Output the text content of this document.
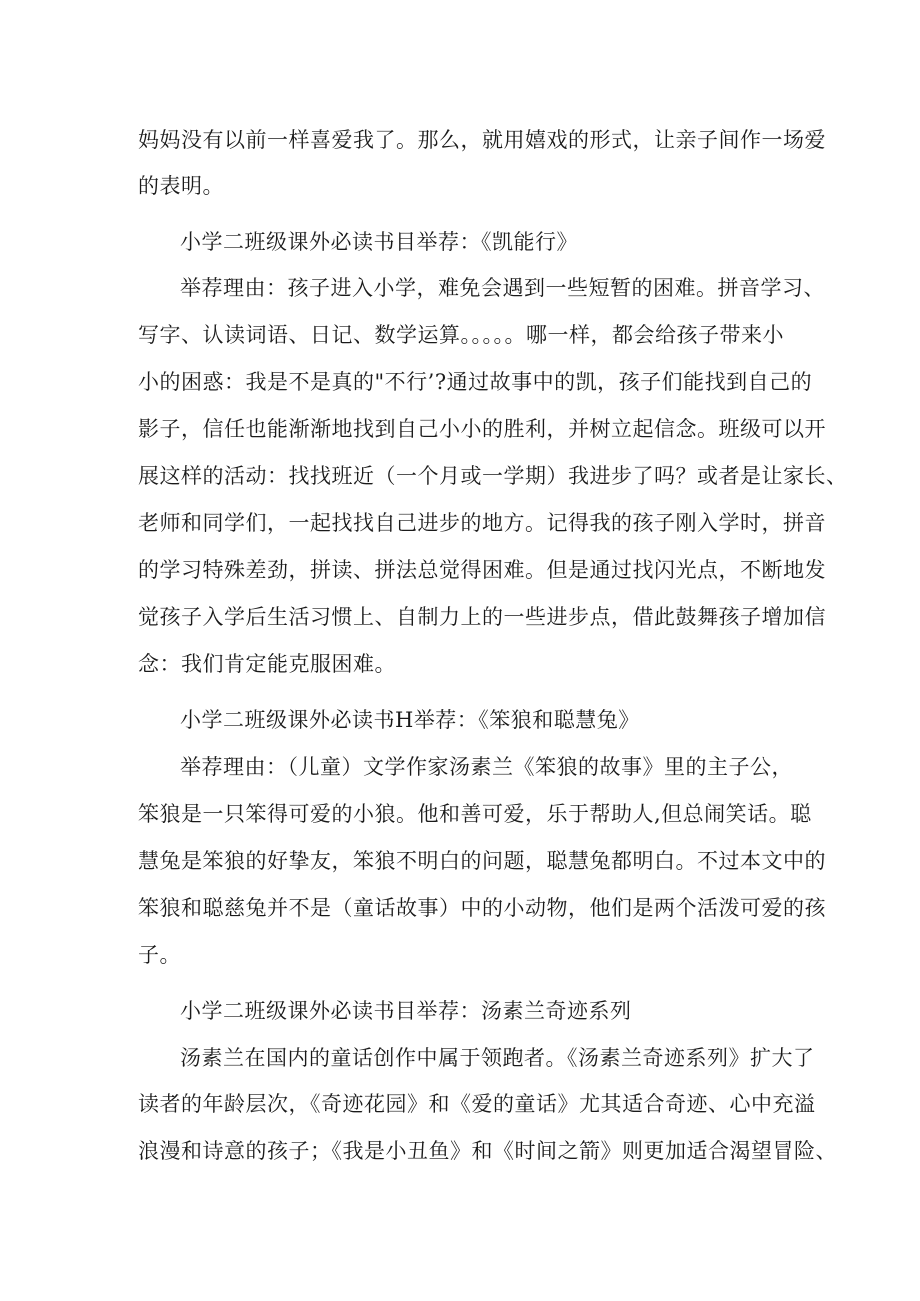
妈妈没有以前一样喜爱我了。那么，就用嬉戏的形式，让亲子间作一场爱
的表明。
小学二班级课外必读书目举荐：《凯能行》
举荐理由：孩子进入小学，难免会遇到一些短暂的困难。拼音学习、
写字、认读词语、日记、数学运算。。。。。哪一样，都会给孩子带来小
小的困惑：我是不是真的"不行’?通过故事中的凯，孩子们能找到自己的
影子，信任也能渐渐地找到自己小小的胜利，并树立起信念。班级可以开
展这样的活动：找找班近（一个月或一学期）我进步了吗？或者是让家长、
老师和同学们，一起找找自己进步的地方。记得我的孩子刚入学时，拼音
的学习特殊差劲，拼读、拼法总觉得困难。但是通过找闪光点，不断地发
觉孩子入学后生活习惯上、自制力上的一些进步点，借此鼓舞孩子增加信
念：我们肯定能克服困难。
小学二班级课外必读书H举荐：《笨狼和聪慧兔》
举荐理由：（儿童）文学作家汤素兰《笨狼的故事》里的主子公，
笨狼是一只笨得可爱的小狼。他和善可爱，乐于帮助人,但总闹笑话。聪
慧兔是笨狼的好挚友，笨狼不明白的问题，聪慧兔都明白。不过本文中的
笨狼和聪慈兔并不是（童话故事）中的小动物，他们是两个活泼可爱的孩
子。
小学二班级课外必读书目举荐：汤素兰奇迹系列
汤素兰在国内的童话创作中属于领跑者。《汤素兰奇迹系列》扩大了
读者的年龄层次，《奇迹花园》和《爱的童话》尤其适合奇迹、心中充溢
浪漫和诗意的孩子；《我是小丑鱼》和《时间之箭》则更加适合渴望冒险、
